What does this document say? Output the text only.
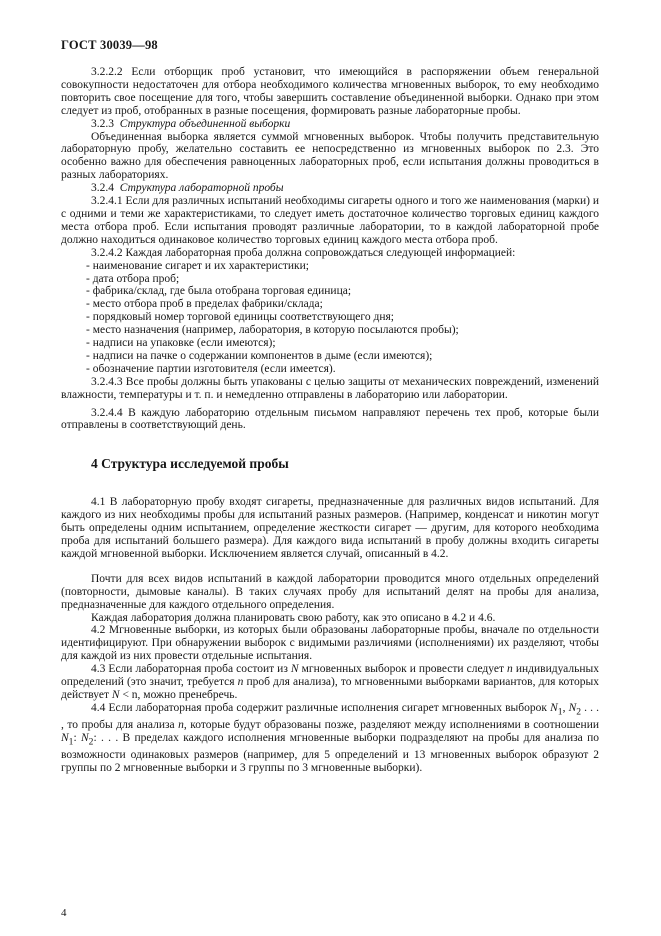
ГОСТ 30039—98

3.2.2.2 Если отборщик проб установит, что имеющийся в распоряжении объем генеральной совокупности недостаточен для отбора необходимого количества мгновенных выборок, то ему необходимо повторить свое посещение для того, чтобы завершить составление объединенной выборки. Однако при этом следует из проб, отобранных в разные посещения, формировать разные лабораторные пробы.

3.2.3 Структура объединенной выборки

Объединенная выборка является суммой мгновенных выборок. Чтобы получить представительную лабораторную пробу, желательно составить ее непосредственно из мгновенных выборок по 2.3. Это особенно важно для обеспечения равноценных лабораторных проб, если испытания должны проводиться в разных лабораториях.

3.2.4 Структура лабораторной пробы

3.2.4.1 Если для различных испытаний необходимы сигареты одного и того же наименования (марки) и с одними и теми же характеристиками, то следует иметь достаточное количество торговых единиц каждого места отбора проб. Если испытания проводят различные лаборатории, то в каждой лабораторной пробе должно находиться одинаковое количество торговых единиц каждого места отбора проб.

3.2.4.2 Каждая лабораторная проба должна сопровождаться следующей информацией:

- наименование сигарет и их характеристики;

- дата отбора проб;

- фабрика/склад, где была отобрана торговая единица;

- место отбора проб в пределах фабрики/склада;

- порядковый номер торговой единицы соответствующего дня;

- место назначения (например, лаборатория, в которую посылаются пробы);

- надписи на упаковке (если имеются);

- надписи на пачке о содержании компонентов в дыме (если имеются);

- обозначение партии изготовителя (если имеется).

3.2.4.3 Все пробы должны быть упакованы с целью защиты от механических повреждений, изменений влажности, температуры и т. п. и немедленно отправлены в лабораторию или лаборатории.

3.2.4.4 В каждую лабораторию отдельным письмом направляют перечень тех проб, которые были отправлены в соответствующий день.

4 Структура исследуемой пробы

4.1 В лабораторную пробу входят сигареты, предназначенные для различных видов испытаний. Для каждого из них необходимы пробы для испытаний разных размеров. (Например, конденсат и никотин могут быть определены одним испытанием, определение жесткости сигарет — другим, для которого необходима проба для испытаний большего размера). Для каждого вида испытаний в пробу должны входить сигареты каждой мгновенной выборки. Исключением является случай, описанный в 4.2.

Почти для всех видов испытаний в каждой лаборатории проводится много отдельных определений (повторности, дымовые каналы). В таких случаях пробу для испытаний делят на пробы для анализа, предназначенные для каждого отдельного определения.

Каждая лаборатория должна планировать свою работу, как это описано в 4.2 и 4.6.

4.2 Мгновенные выборки, из которых были образованы лабораторные пробы, вначале по отдельности идентифицируют. При обнаружении выборок с видимыми различиями (исполнениями) их разделяют, чтобы для каждой из них провести отдельные испытания.

4.3 Если лабораторная проба состоит из N мгновенных выборок и провести следует n индивидуальных определений (это значит, требуется n проб для анализа), то мгновенными выборками вариантов, для которых действует N < n, можно пренебречь.

4.4 Если лабораторная проба содержит различные исполнения сигарет мгновенных выборок $N_1$, $N_2$ . . . , то пробы для анализа n, которые будут образованы позже, разделяют между исполнениями в соотношении $N_1$: $N_2$: . . . В пределах каждого исполнения мгновенные выборки подразделяют на пробы для анализа по возможности одинаковых размеров (например, для 5 определений и 13 мгновенных выборок образуют 2 группы по 2 мгновенные выборки и 3 группы по 3 мгновенные выборки).

4
